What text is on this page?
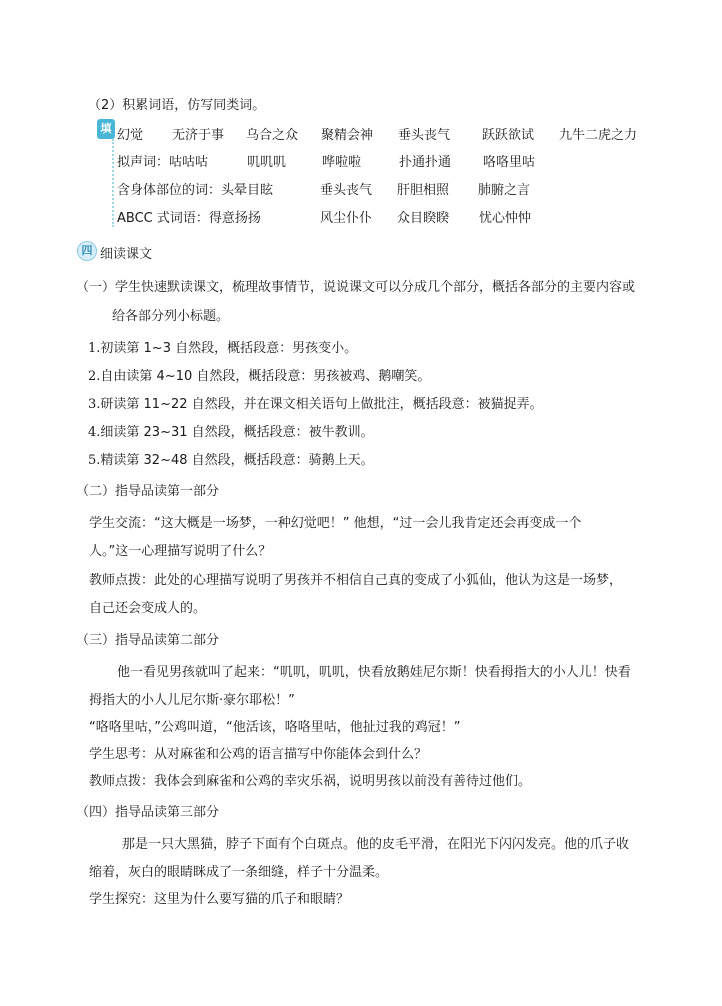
（2）积累词语，仿写同类词。
填 幻觉 无济于事 乌合之众 聚精会神 垂头丧气 跃跃欲试 九牛二虎之力
拟声词：咕咕咕	叽叽叽	哗啦啦	扑通扑通 咯咯里咕
含身体部位的词：头晕目眩	垂头丧气 肝胆相照 肺腑之言
ABCC 式词语：得意扬扬	风尘仆仆 众目睽睽 忧心忡忡
四 细读课文
（一）学生快速默读课文，梳理故事情节，说说课文可以分成几个部分，概括各部分的主要内容或
给各部分列小标题。
1.初读第 1~3 自然段，概括段意：男孩变小。
2.自由读第 4~10 自然段，概括段意：男孩被鸡、鹅嘲笑。
3.研读第 11~22 自然段，并在课文相关语句上做批注，概括段意：被猫捉弄。
4.细读第 23~31 自然段，概括段意：被牛教训。
5.精读第 32~48 自然段，概括段意：骑鹅上天。
（二）指导品读第一部分
学生交流：“这大概是一场梦，一种幻觉吧！” 他想，“过一会儿我肯定还会再变成一个
人。”这一心理描写说明了什么？
教师点拨：此处的心理描写说明了男孩并不相信自己真的变成了小狐仙，他认为这是一场梦，
自己还会变成人的。
（三）指导品读第二部分
他一看见男孩就叫了起来：“叽叽，叽叽，快看放鹅娃尼尔斯！快看拇指大的小人儿！快看
拇指大的小人儿尼尔斯·豪尔耶松！”
“咯咯里咕，”公鸡叫道，“他活该，咯咯里咕，他扯过我的鸡冠！”
学生思考：从对麻雀和公鸡的语言描写中你能体会到什么？
教师点拨：我体会到麻雀和公鸡的幸灾乐祸，说明男孩以前没有善待过他们。
（四）指导品读第三部分
那是一只大黑猫，脖子下面有个白斑点。他的皮毛平滑，在阳光下闪闪发亮。他的爪子收
缩着，灰白的眼睛眯成了一条细缝，样子十分温柔。
学生探究：这里为什么要写猫的爪子和眼睛？
